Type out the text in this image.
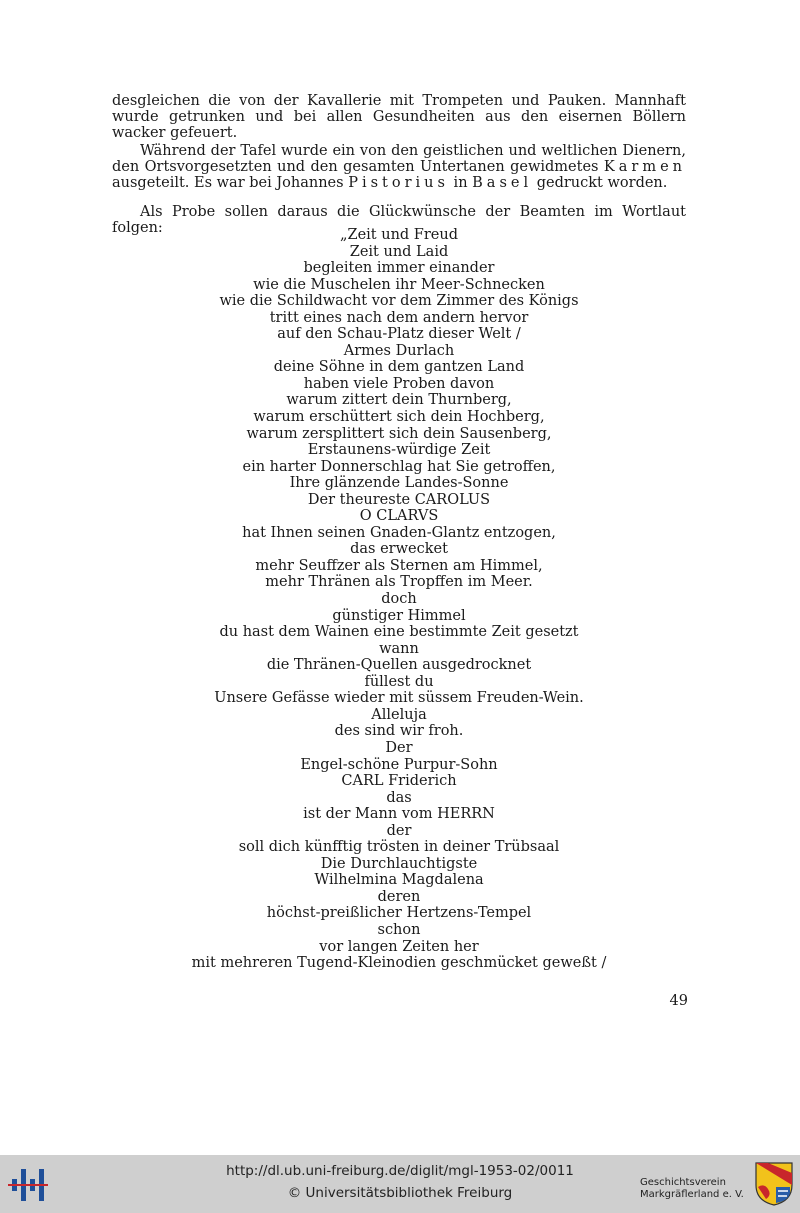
desgleichen die von der Kavallerie mit Trompeten und Pauken. Mannhaft wurde getrunken und bei allen Gesundheiten aus den eisernen Böllern wacker gefeuert.

Während der Tafel wurde ein von den geistlichen und weltlichen Dienern, den Ortsvorgesetzten und den gesamten Untertanen gewidmetes Karmen ausgeteilt. Es war bei Johannes Pistorius in Basel gedruckt worden.

Als Probe sollen daraus die Glückwünsche der Beamten im Wortlaut folgen:	„Zeit und Freud
Zeit und Laid
begleiten immer einander
wie die Muschelen ihr Meer-Schnecken
wie die Schildwacht vor dem Zimmer des Königs
tritt eines nach dem andern hervor
auf den Schau-Platz dieser Welt /
Armes Durlach
deine Söhne in dem gantzen Land
haben viele Proben davon
warum zittert dein Thurnberg,
warum erschüttert sich dein Hochberg,
warum zersplittert sich dein Sausenberg,
Erstaunens-würdige Zeit
ein harter Donnerschlag hat Sie getroffen,
Ihre glänzende Landes-Sonne
Der theureste CAROLUS
O CLARVS
hat Ihnen seinen Gnaden-Glantz entzogen,
das erwecket
mehr Seuffzer als Sternen am Himmel,
mehr Thränen als Tropffen im Meer.
doch
günstiger Himmel
du hast dem Wainen eine bestimmte Zeit gesetzt
wann
die Thränen-Quellen ausgedrocknet
füllest du
Unsere Gefässe wieder mit süssem Freuden-Wein.
Alleluja
des sind wir froh.
Der
Engel-schöne Purpur-Sohn
CARL Friderich
das
ist der Mann vom HERRN
der
soll dich künfftig trösten in deiner Trübsaal
Die Durchlauchtigste
Wilhelmina Magdalena
deren
höchst-preißlicher Hertzens-Tempel
schon
vor langen Zeiten her
mit mehreren Tugend-Kleinodien geschmücket geweßt /
49
http://dl.ub.uni-freiburg.de/diglit/mgl-1953-02/0011
© Universitätsbibliothek Freiburg
Geschichtsverein
Markgräflerland e. V.
